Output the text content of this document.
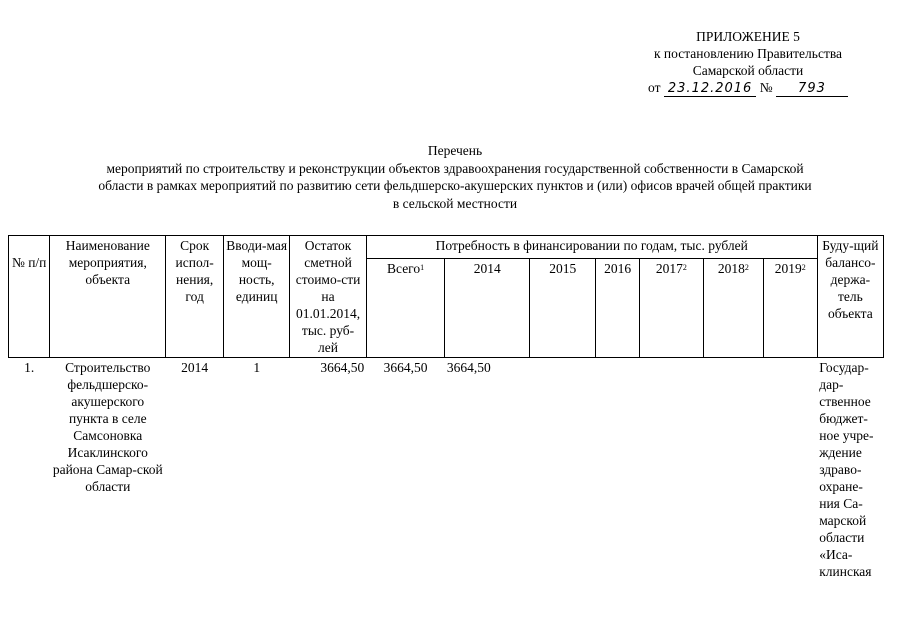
ПРИЛОЖЕНИЕ 5
к постановлению Правительства
Самарской области
от 23.12.2016 № 793
Перечень
мероприятий по строительству и реконструкции объектов здравоохранения государственной собственности в Самарской
области в рамках мероприятий по развитию сети фельдшерско-акушерских пунктов и (или) офисов врачей общей практики
в сельской местности
№ п/п	Наименование мероприятия, объекта	Срок испол-нения, год	Вводи-мая мощ-ность, единиц	Остаток сметной стоимо-сти на 01.01.2014, тыс. руб-лей	Потребность в финансировании по годам, тыс. рублей							Буду-щий балансо-держа-тель объекта
					Всего$^1$	2014	2015	2016	2017$^2$	2018$^2$	2019$^2$
1.	Строительство фельдшерско-акушерского пункта в селе Самсоновка Исаклинского района Самар-ской области	2014	1	3664,50	3664,50	3664,50						Государ-дар-ственное бюджет-ное учре-ждение здраво-охране-ния Са-марской области «Иса-клинская
